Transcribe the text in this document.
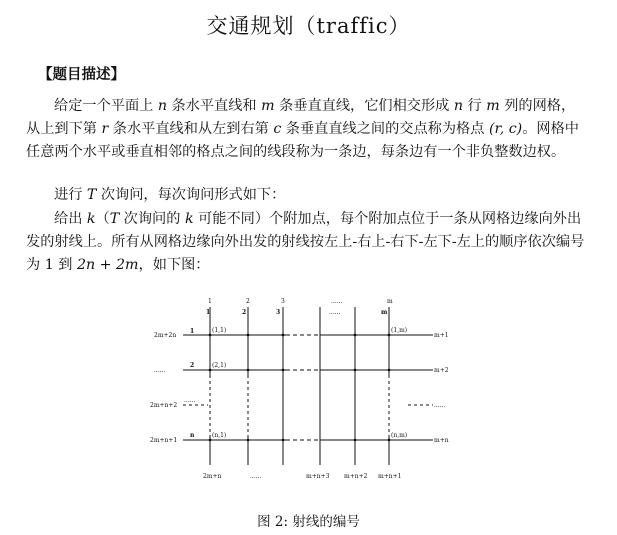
交通规划（traffic）
【题目描述】
给定一个平面上 n 条水平直线和 m 条垂直直线，它们相交形成 n 行 m 列的网格，从上到下第 r 条水平直线和从左到右第 c 条垂直直线之间的交点称为格点 (r, c)。网格中任意两个水平或垂直相邻的格点之间的线段称为一条边，每条边有一个非负整数边权。
进行 T 次询问，每次询问形式如下：
给出 k（T 次询问的 k 可能不同）个附加点，每个附加点位于一条从网格边缘向外出发的射线上。所有从网格边缘向外出发的射线按左上-右上-右下-左下-左上的顺序依次编号为 1 到 2n + 2m，如下图：
1	2	3	......	m
1	2	3	......	m
2m+2n
......
2m+n+2
2m+n+1
1
2
......
n
m+1
m+2
......
m+n
2m+n	......	m+n+3 m+n+2 m+n+1
(1,1)	(1,m)
(2,1)
(n,1)	(n,m)
图 2: 射线的编号
